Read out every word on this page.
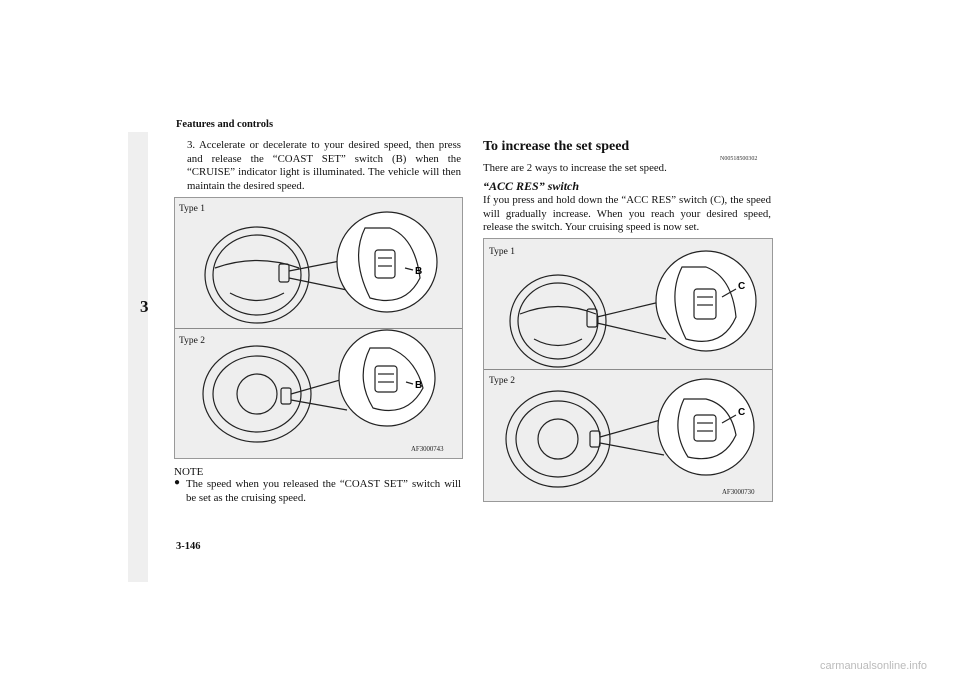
Features and controls
3

3. Accelerate or decelerate to your desired speed, then press and release the “COAST SET” switch (B) when the “CRUISE” indicator light is illuminated. The vehicle will then maintain the desired speed.

B
B
Type 1
Type 2
AF3000743
NOTE
● The speed when you released the “COAST SET” switch will be set as the cruising speed.

To increase the set speed
N00518500302
There are 2 ways to increase the set speed.
“ACC RES” switch

If you press and hold down the “ACC RES” switch (C), the speed will gradually increase. When you reach your desired speed, release the switch. Your cruising speed is now set.

C
C
Type 1
Type 2
AF3000730
3-146
carmanualsonline.info
